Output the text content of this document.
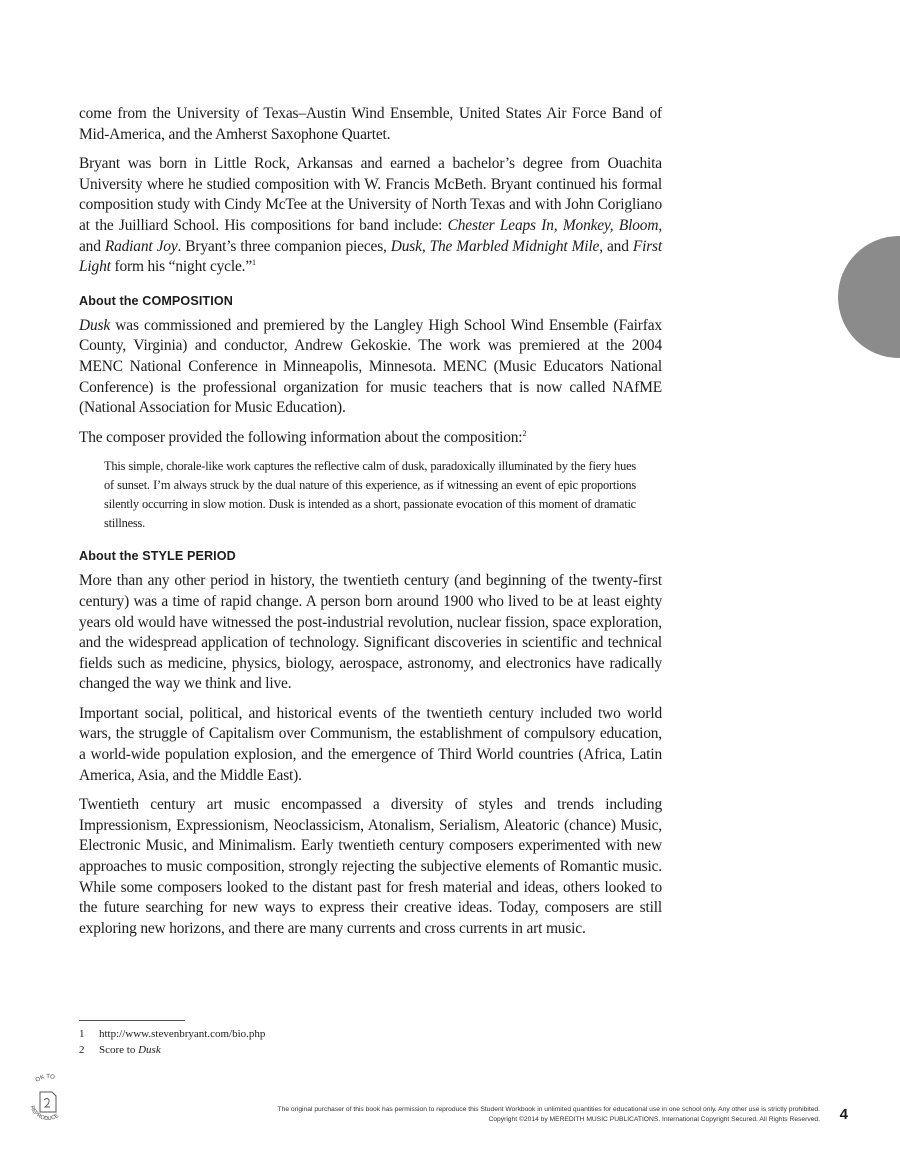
come from the University of Texas–Austin Wind Ensemble, United States Air Force Band of Mid-America, and the Amherst Saxophone Quartet.

Bryant was born in Little Rock, Arkansas and earned a bachelor’s degree from Ouachita University where he studied composition with W. Francis McBeth. Bryant continued his formal composition study with Cindy McTee at the University of North Texas and with John Corigliano at the Juilliard School. His compositions for band include: Chester Leaps In, Monkey, Bloom, and Radiant Joy. Bryant’s three companion pieces, Dusk, The Marbled Midnight Mile, and First Light form his “night cycle.”$^1$

About the COMPOSITION

Dusk was commissioned and premiered by the Langley High School Wind Ensemble (Fairfax County, Virginia) and conductor, Andrew Gekoskie. The work was premiered at the 2004 MENC National Conference in Minneapolis, Minnesota. MENC (Music Educators National Conference) is the professional organization for music teachers that is now called NAfME (National Association for Music Education).

The composer provided the following information about the composition:$^2$

This simple, chorale-like work captures the reflective calm of dusk, paradoxically illuminated by the fiery hues of sunset. I’m always struck by the dual nature of this experience, as if witnessing an event of epic proportions silently occurring in slow motion. Dusk is intended as a short, passionate evocation of this moment of dramatic stillness.
About the STYLE PERIOD

More than any other period in history, the twentieth century (and beginning of the twenty-first century) was a time of rapid change. A person born around 1900 who lived to be at least eighty years old would have witnessed the post-industrial revolution, nuclear fission, space exploration, and the widespread application of technology. Significant discoveries in scientific and technical fields such as medicine, physics, biology, aerospace, astronomy, and electronics have radically changed the way we think and live.

Important social, political, and historical events of the twentieth century included two world wars, the struggle of Capitalism over Communism, the establishment of compulsory education, a world-wide population explosion, and the emergence of Third World countries (Africa, Latin America, Asia, and the Middle East).

Twentieth century art music encompassed a diversity of styles and trends including Impressionism, Expressionism, Neoclassicism, Atonalism, Serialism, Aleatoric (chance) Music, Electronic Music, and Minimalism. Early twentieth century composers experimented with new approaches to music composition, strongly rejecting the subjective elements of Romantic music. While some composers looked to the distant past for fresh material and ideas, others looked to the future searching for new ways to express their creative ideas. Today, composers are still exploring new horizons, and there are many currents and cross currents in art music.

1 http://www.stevenbryant.com/bio.php
2 Score to Dusk
OK TO
REPRODUCE
The original purchaser of this book has permission to reproduce this Student Workbook in unlimited quantities for educational use in one school only. Any other use is strictly prohibited.
Copyright ©2014 by MEREDITH MUSIC PUBLICATIONS. International Copyright Secured. All Rights Reserved. 4
